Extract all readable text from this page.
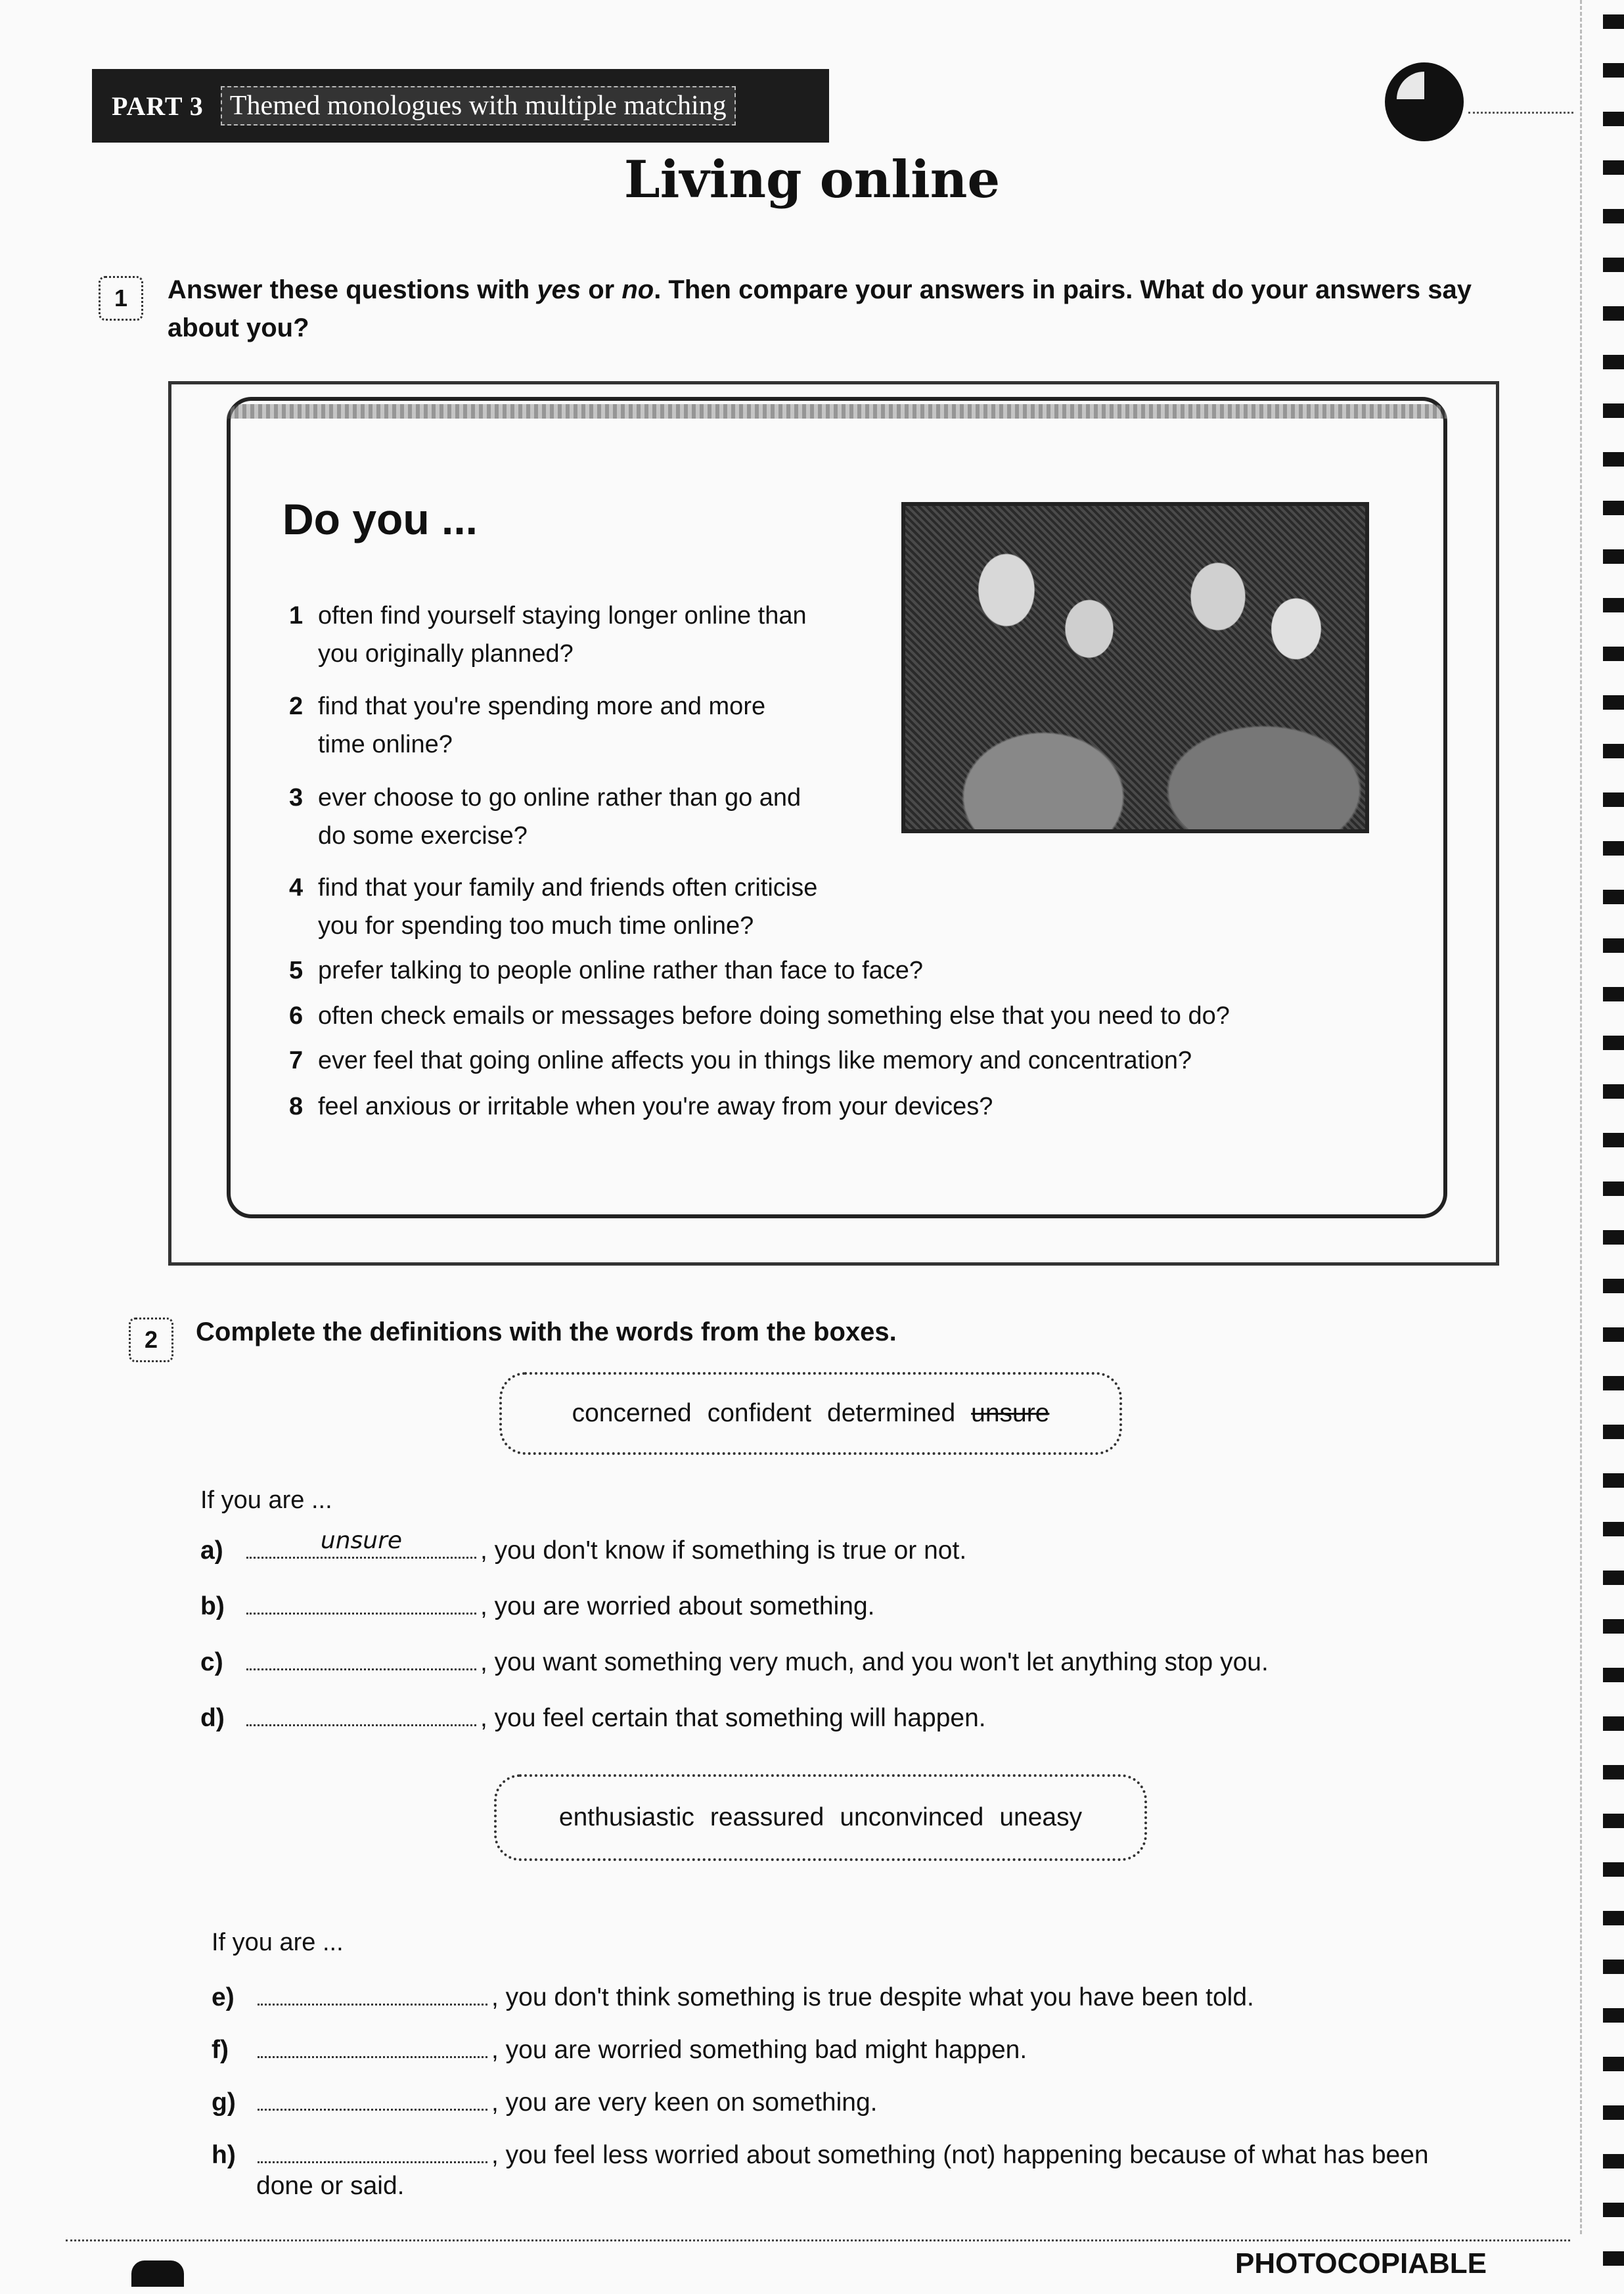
PART 3 Themed monologues with multiple matching
Living online
1	Answer these questions with yes or no. Then compare your answers in pairs. What do your answers say about you?
Do you ...
1 often find yourself staying longer online than
you originally planned?
2 find that you're spending more and more
time online?
3 ever choose to go online rather than go and
do some exercise?
4 find that your family and friends often criticise
you for spending too much time online?
5 prefer talking to people online rather than face to face?
6 often check emails or messages before doing something else that you need to do?
7 ever feel that going online affects you in things like memory and concentration?
8 feel anxious or irritable when you're away from your devices?
2	Complete the definitions with the words from the boxes.
concerned confident determined unsure
If you are ...
a)	unsure	, you don't know if something is true or not.
b)	, you are worried about something.
c)	, you want something very much, and you won't let anything stop you.
d)	, you feel certain that something will happen.
enthusiastic reassured unconvinced uneasy
If you are ...
e)	, you don't think something is true despite what you have been told.
f)	, you are worried something bad might happen.
g)	, you are very keen on something.
h)	, you feel less worried about something (not) happening because of what has been
done or said.
PHOTOCOPIABLE
